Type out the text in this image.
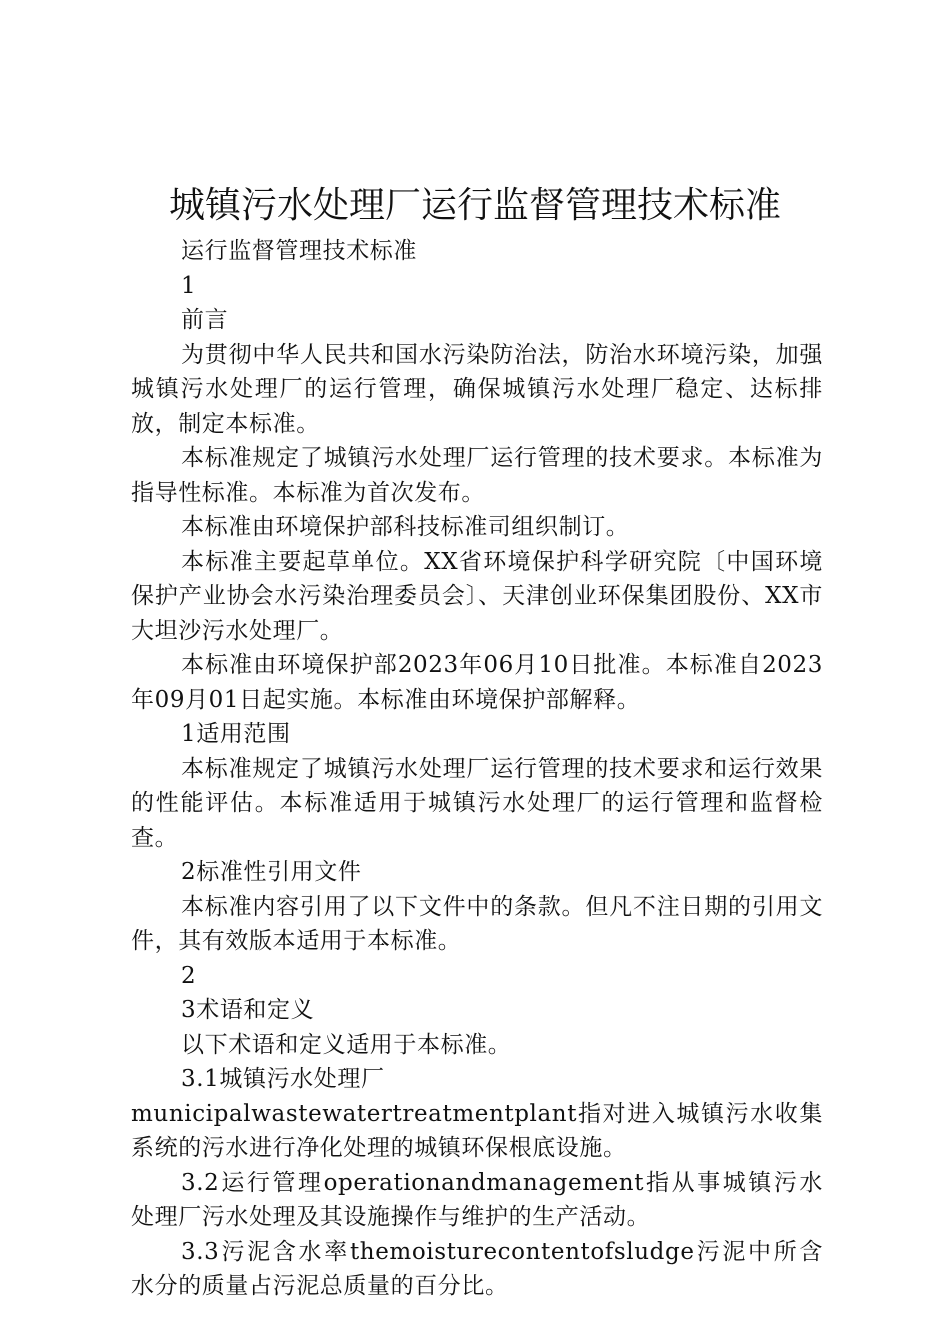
城镇污水处理厂运行监督管理技术标准

运行监督管理技术标准

1

前言

为贯彻中华人民共和国水污染防治法，防治水环境污染，加强城镇污水处理厂的运行管理，确保城镇污水处理厂稳定、达标排放，制定本标准。

本标准规定了城镇污水处理厂运行管理的技术要求。本标准为指导性标准。本标准为首次发布。

本标准由环境保护部科技标准司组织制订。

本标准主要起草单位。XX省环境保护科学研究院〔中国环境保护产业协会水污染治理委员会〕、天津创业环保集团股份、XX市大坦沙污水处理厂。

本标准由环境保护部2023年06月10日批准。本标准自2023年09月01日起实施。本标准由环境保护部解释。

1适用范围

本标准规定了城镇污水处理厂运行管理的技术要求和运行效果的性能评估。本标准适用于城镇污水处理厂的运行管理和监督检查。

2标准性引用文件

本标准内容引用了以下文件中的条款。但凡不注日期的引用文件，其有效版本适用于本标准。

2

3术语和定义

以下术语和定义适用于本标准。

3.1城镇污水处理厂

municipalwastewatertreatmentplant指对进入城镇污水收集系统的污水进行净化处理的城镇环保根底设施。

3.2运行管理operationandmanagement指从事城镇污水处理厂污水处理及其设施操作与维护的生产活动。

3.3污泥含水率themoisturecontentofsludge污泥中所含水分的质量占污泥总质量的百分比。
